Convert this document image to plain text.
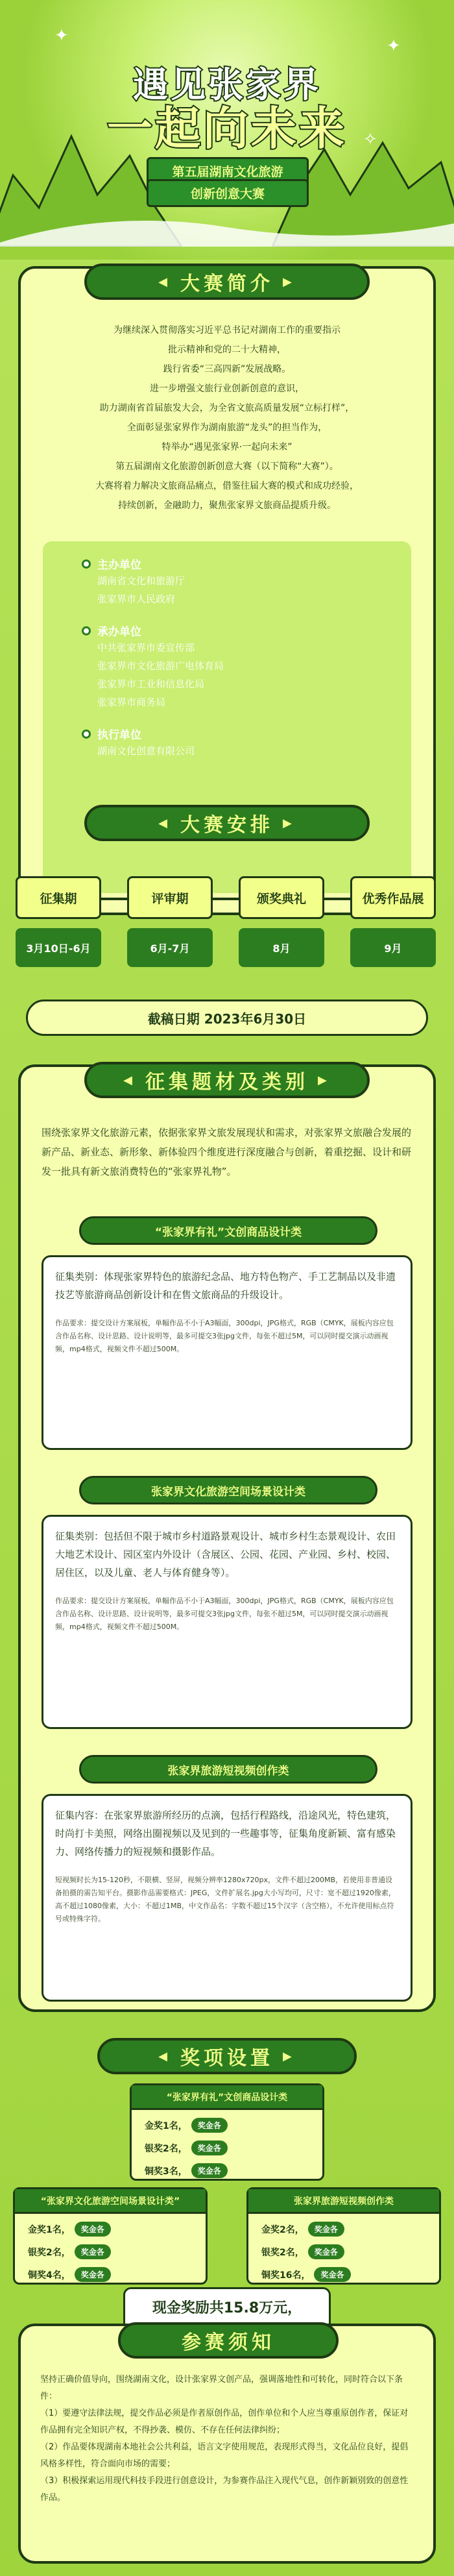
✦
✦
✧
遇见张家界
一起向未来
第五届湖南文化旅游
创新创意大赛
◀ 大赛简介 ▶
为继续深入贯彻落实习近平总书记对湖南工作的重要指示
批示精神和党的二十大精神，
践行省委“三高四新”发展战略。
进一步增强文旅行业创新创意的意识，
助力湖南省首届旅发大会，为全省文旅高质量发展“立标打样”，
全面彰显张家界作为湖南旅游“龙头”的担当作为，
特举办“遇见张家界·一起向未来”
第五届湖南文化旅游创新创意大赛（以下简称“大赛”）。
大赛将着力解决文旅商品痛点，借鉴往届大赛的模式和成功经验，
持续创新，金融助力，聚焦张家界文旅商品提质升级。
主办单位
湖南省文化和旅游厅
张家界市人民政府
承办单位
中共张家界市委宣传部
张家界市文化旅游广电体育局
张家界市工业和信息化局
张家界市商务局
执行单位
湖南文化创意有限公司
◀ 大赛安排 ▶
征集期
3月10日-6月
评审期
6月-7月
颁奖典礼
8月
优秀作品展
9月
截稿日期 2023年6月30日
◀ 征集题材及类别 ▶
围绕张家界文化旅游元素，依据张家界文旅发展现状和需求，对张家界文旅融合发展的新产品、新业态、新形象、新体验四个维度进行深度融合与创新，着重挖掘、设计和研发一批具有新文旅消费特色的“张家界礼物”。
“张家界有礼”文创商品设计类
征集类别：体现张家界特色的旅游纪念品、地方特色物产、手工艺制品以及非遗技艺等旅游商品创新设计和在售文旅商品的升级设计。
作品要求：提交设计方案展板，单幅作品不小于A3幅面，300dpi，JPG格式，RGB（CMYK，展板内容应包含作品名称、设计思路、设计说明等，最多可提交3张jpg文件，每张不超过5M，可以同时提交演示动画视频，mp4格式，视频文件不超过500M。
张家界文化旅游空间场景设计类
征集类别：包括但不限于城市乡村道路景观设计、城市乡村生态景观设计、农田大地艺术设计、园区室内外设计（含展区、公园、花园、产业园、乡村、校园、居住区，以及儿童、老人与体育健身等）。
作品要求：提交设计方案展板，单幅作品不小于A3幅面，300dpi，JPG格式，RGB（CMYK，展板内容应包含作品名称、设计思路、设计说明等，最多可提交3张jpg文件，每张不超过5M，可以同时提交演示动画视频，mp4格式，视频文件不超过500M。
张家界旅游短视频创作类
征集内容：在张家界旅游所经历的点滴，包括行程路线，沿途风光，特色建筑，时尚打卡美照，网络出圈视频以及见到的一些趣事等，征集角度新颖、富有感染力、网络传播力的短视频和摄影作品。
短视频时长为15-120秒，不限横、竖屏，视频分辨率1280x720px，文件不超过200MB，若使用非普通设备拍摄的需告知平台。摄影作品需要格式：JPEG，文件扩展名.jpg大小写均可，尺寸：宽不超过1920像素，高不超过1080像素，大小：不超过1MB，中文作品名：字数不超过15个汉字（含空格），不允许使用标点符号或特殊字符。
◀ 奖项设置 ▶
“张家界有礼”文创商品设计类
金奖1名，	奖金各
银奖2名，	奖金各
铜奖3名，	奖金各
“张家界文化旅游空间场景设计类”
金奖1名，	奖金各
银奖2名，	奖金各
铜奖4名，	奖金各
张家界旅游短视频创作类
金奖2名，	奖金各
银奖2名，	奖金各
铜奖16名，	奖金各
现金奖励共15.8万元，
参赛须知
坚持正确价值导向，围绕湖南文化，设计张家界文创产品，强调落地性和可转化，同时符合以下条件：
（1）要遵守法律法规，提交作品必须是作者原创作品，创作单位和个人应当尊重原创作者，保证对作品拥有完全知识产权，不得抄袭、模仿、不存在任何法律纠纷；
（2）作品要体现湖南本地社会公共利益，语言文字使用规范，表现形式得当，文化品位良好，提倡风格多样性，符合面向市场的需要；
（3）积极探索运用现代科技手段进行创意设计，为参赛作品注入现代气息，创作新颖别致的创意性作品。
